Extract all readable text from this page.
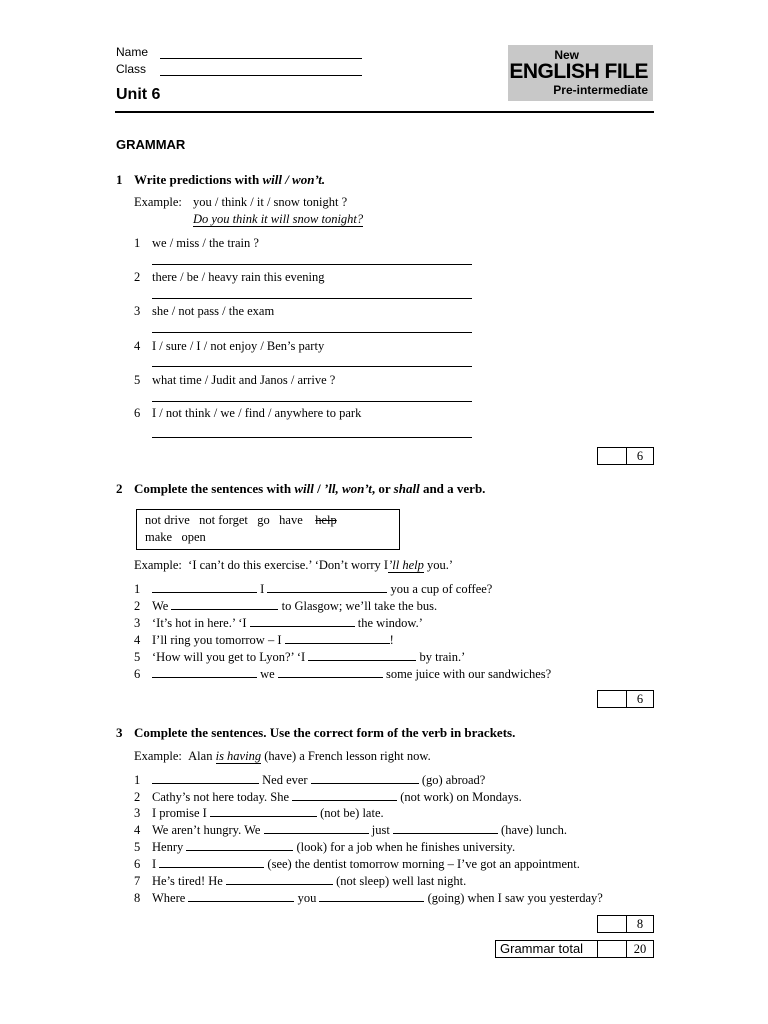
Name
Class
Unit 6
New
ENGLISH FILE
Pre-intermediate
GRAMMAR
1 Write predictions with will / won’t.
Example: you / think / it / snow tonight ?
Do you think it will snow tonight?
1 we / miss / the train ?
2 there / be / heavy rain this evening
3 she / not pass / the exam
4 I / sure / I / not enjoy / Ben’s party
5 what time / Judit and Janos / arrive ?
6 I / not think / we / find / anywhere to park
6
2 Complete the sentences with will / ’ll, won’t, or shall and a verb.
not drive not forget go have help
make open
Example: ‘I can’t do this exercise.’ ‘Don’t worry I’ll help you.’
1	I	you a cup of coffee?
2 We	to Glasgow; we’ll take the bus.
3 ‘It’s hot in here.’ ‘I	the window.’
4 I’ll ring you tomorrow – I	!
5 ‘How will you get to Lyon?’ ‘I	by train.’
6	we	some juice with our sandwiches?
6
3 Complete the sentences. Use the correct form of the verb in brackets.
Example: Alan is having (have) a French lesson right now.
1	Ned ever	(go) abroad?
2 Cathy’s not here today. She	(not work) on Mondays.
3 I promise I	(not be) late.
4 We aren’t hungry. We	just	(have) lunch.
5 Henry	(look) for a job when he finishes university.
6 I	(see) the dentist tomorrow morning – I’ve got an appointment.
7 He’s tired! He	(not sleep) well last night.
8 Where	you	(going) when I saw you yesterday?
8
Grammar total	20
